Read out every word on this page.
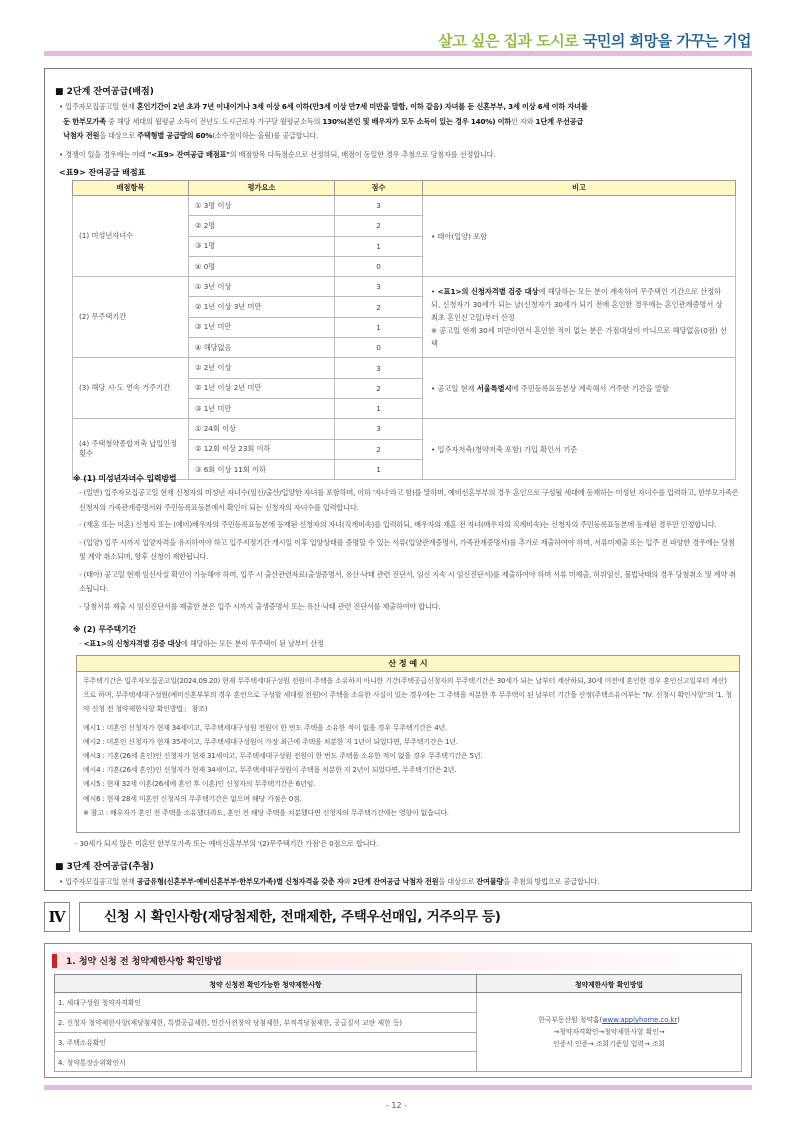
살고 싶은 집과 도시로 국민의 희망을 가꾸는 기업
■ 2단계 잔여공급(배점)
• 입주자모집공고일 현재 혼인기간이 2년 초과 7년 이내이거나 3세 이상 6세 이하(만3세 이상 만7세 미만을 말함, 이하 같음) 자녀를 둔 신혼부부, 3세 이상 6세 이하 자녀를
둔 한부모가족 중 해당 세대의 월평균 소득이 전년도 도시근로자 가구당 월평균소득의 130%(본인 및 배우자가 모두 소득이 있는 경우 140%) 이하인 자와 1단계 우선공급
낙첨자 전원을 대상으로 주택형별 공급량의 60%(소수점이하는 올림)를 공급합니다.
• 경쟁이 있을 경우에는 아래 "<표9> 잔여공급 배점표"의 배점항목 다득점순으로 선정하되, 배점이 동일한 경우 추첨으로 당첨자를 선정합니다.
<표9> 잔여공급 배점표
배점항목	평가요소	점수	비고
(1) 미성년자녀수	① 3명 이상	3	• 태아(입양) 포함
	② 2명	2	
	③ 1명	1	
	④ 0명	0	
(2) 무주택기간	① 3년 이상	3	• <표1>의 신청자격별 검증 대상에 해당하는 모든 분이 계속하여 무주택인 기간으로 산정하되, 신청자가 30세가 되는 날(신청자가 30세가 되기 전에 혼인한 경우에는 혼인관계증명서 상 최초 혼인신고일)부터 산정
※ 공고일 현재 30세 미만이면서 혼인한 적이 없는 분은 가점대상이 아니므로 해당없음(0점) 선택
	② 1년 이상 3년 미만	2	
	③ 1년 미만	1	
	④ 해당없음	0	
(3) 해당 시·도 연속 거주기간	① 2년 이상	3	• 공고일 현재 서울특별시에 주민등록표등본상 계속해서 거주한 기간을 말함
	② 1년 이상 2년 미만	2	
	③ 1년 미만	1	
(4) 주택청약종합저축 납입인정 횟수	① 24회 이상	3	• 입주자저축(청약저축 포함) 가입 확인서 기준
	② 12회 이상 23회 이하	2	
	③ 6회 이상 11회 이하	1	
※ (1) 미성년자녀수 입력방법
- (일반) 입주자모집공고일 현재 신청자의 미성년 자녀수(임신/출산/입양한 자녀를 포함하며, 이하 '자녀'라고 함)를 말하며, 예비신혼부부의 경우 혼인으로 구성될 세대에 등재하는 미성년 자녀수를 입력하고, 한부모가족은 신청자의 가족관계증명서와 주민등록표등본에서 확인이 되는 신청자의 자녀수를 입력합니다.
- (재혼 또는 이혼) 신청자 또는 (예비)배우자의 주민등록표등본에 등재된 신청자의 자녀(직계비속)를 입력하되, 배우자의 재혼 전 자녀(배우자의 직계비속)는 신청자의 주민등록표등본에 등재된 경우만 인정합니다.
- (입양) 입주 시까지 입양자격을 유지하여야 하고 입주지정기간 개시일 이후 입양상태를 증명할 수 있는 서류(입양관계증명서, 가족관계증명서)를 추가로 제출하여야 하며, 서류미제출 또는 입주 전 파양한 경우에는 당첨 및 계약 취소되며, 향후 신청이 제한됩니다.
- (태아) 공고일 현재 임신사실 확인이 가능해야 하며, 입주 시 출산관련자료(출생증명서, 유산·낙태 관련 진단서, 임신 지속 시 임신진단서)를 제출하여야 하며 서류 미제출, 허위임신, 불법낙태의 경우 당첨취소 및 계약 취소됩니다.
- 당첨서류 제출 시 임신진단서를 제출한 분은 입주 시까지 출생증명서 또는 유산·낙태 관련 진단서를 제출하여야 합니다.
※ (2) 무주택기간
- <표1>의 신청자격별 검증 대상에 해당하는 모든 분이 무주택이 된 날부터 산정
산 정 예 시
무주택기간은 입주자모집공고일(2024.09.20) 현재 무주택세대구성원 전원이 주택을 소유하지 아니한 기간(주택공급신청자의 무주택기간은 30세가 되는 날부터 계산하되, 30세 이전에 혼인한 경우 혼인신고일부터 계산)으로 하며, 무주택세대구성원(예비신혼부부의 경우 혼인으로 구성할 세대원 전원)이 주택을 소유한 사실이 있는 경우에는 그 주택을 처분한 후 무주택이 된 날부터 기간을 산정(주택소유여부는 "Ⅳ. 신청시 확인사항"의 '1. 청약 신청 전 청약제한사항 확인방법」 참조)
예시1 : 미혼인 신청자가 현재 34세이고, 무주택세대구성원 전원이 한 번도 주택을 소유한 적이 없을 경우 무주택기간은 4년.
예시2 : 미혼인 신청자가 현재 35세이고, 무주택세대구성원이 가장 최근에 주택을 처분한 지 1년이 되었다면, 무주택기간은 1년.
예시3 : 기혼(26세 혼인)인 신청자가 현재 31세이고, 무주택세대구성원 전원이 한 번도 주택을 소유한 적이 없을 경우 무주택기간은 5년.
예시4 : 기혼(26세 혼인)인 신청자가 현재 34세이고, 무주택세대구성원이 주택을 처분한 지 2년이 되었다면, 무주택기간은 2년.
예시5 : 현재 32세 이혼(26세에 혼인 후 이혼)인 신청자의 무주택기간은 6년임.
예시6 : 현재 28세 미혼인 신청자의 무주택기간은 없으며 해당 가점은 0점.
※ 참고 : 배우자가 혼인 전 주택을 소유했더라도, 혼인 전 해당 주택을 처분했다면 신청자의 무주택기간에는 영향이 없습니다.
- 30세가 되지 않은 미혼인 한부모가족 또는 예비신혼부부의 '(2)무주택기간 가점'은 0점으로 합니다.
■ 3단계 잔여공급(추첨)
• 입주자모집공고일 현재 공급유형(신혼부부·예비신혼부부·한부모가족)별 신청자격을 갖춘 자와 2단계 잔여공급 낙첨자 전원을 대상으로 잔여물량을 추첨의 방법으로 공급합니다.
Ⅳ	신청 시 확인사항(재당첨제한, 전매제한, 주택우선매입, 거주의무 등)
1. 청약 신청 전 청약제한사항 확인방법
청약 신청전 확인가능한 청약제한사항	청약제한사항 확인방법
1. 세대구성원 청약자격확인	한국부동산원 청약홈(www.applyhome.co.kr)
→청약자격확인→청약제한사항 확인→
인증서 인증→ 조회기준일 입력→ 조회
2. 신청자 청약제한사항(재당첨제한, 특별공급제한, 민간사전청약 당첨제한, 부적격당첨제한, 공급질서 교란 제한 등)	
3. 주택소유확인	
4. 청약통장순위확인서	
- 12 -
